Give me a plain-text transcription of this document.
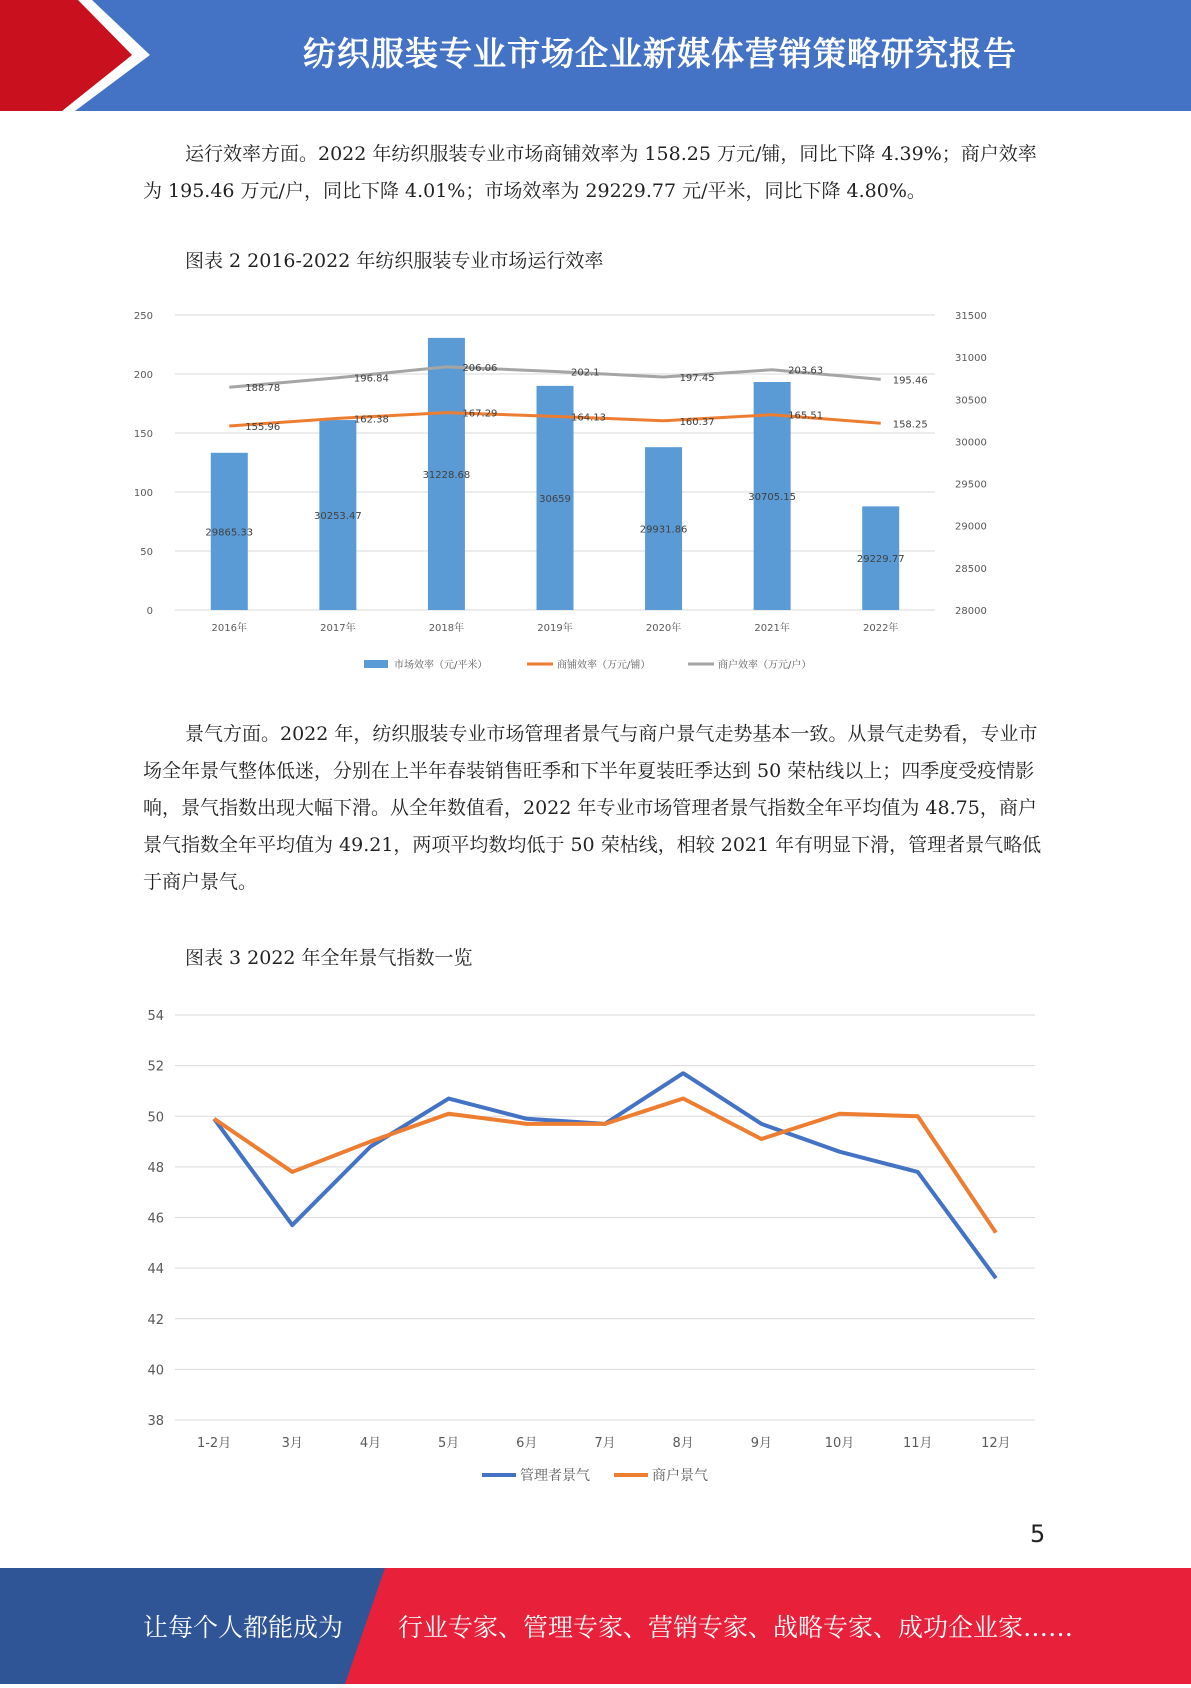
纺织服装专业市场企业新媒体营销策略研究报告

运行效率方面。2022 年纺织服装专业市场商铺效率为 158.25 万元/铺，同比下降 4.39%；商户效率为 195.46 万元/户，同比下降 4.01%；市场效率为 29229.77 元/平米，同比下降 4.80%。

图表 2 2016-2022 年纺织服装专业市场运行效率

0
50
100
150
200
250
28000
28500
29000
29500
30000
30500
31000
31500
2016年	2017年	2018年	2019年	2020年	2021年	2022年
29865.33
30253.47
31228.68
30659
29931.86
30705.15
29229.77
155.96
162.38
167.29	164.13	160.37
165.51
158.25
188.78
196.84
206.06	202.1	197.45
203.63
195.46
市场效率（元/平米）	商铺效率（万元/铺）	商户效率（万元/户）

景气方面。2022 年，纺织服装专业市场管理者景气与商户景气走势基本一致。从景气走势看，专业市场全年景气整体低迷，分别在上半年春装销售旺季和下半年夏装旺季达到 50 荣枯线以上；四季度受疫情影响，景气指数出现大幅下滑。从全年数值看，2022 年专业市场管理者景气指数全年平均值为 48.75，商户景气指数全年平均值为 49.21，两项平均数均低于 50 荣枯线，相较 2021 年有明显下滑，管理者景气略低于商户景气。

图表 3 2022 年全年景气指数一览

38
40
42
44
46
48
50
52
54
1-2月	3月	4月	5月	6月	7月	8月	9月	10月	11月	12月
管理者景气	商户景气
5
让每个人都能成为 行业专家、管理专家、营销专家、战略专家、成功企业家……
